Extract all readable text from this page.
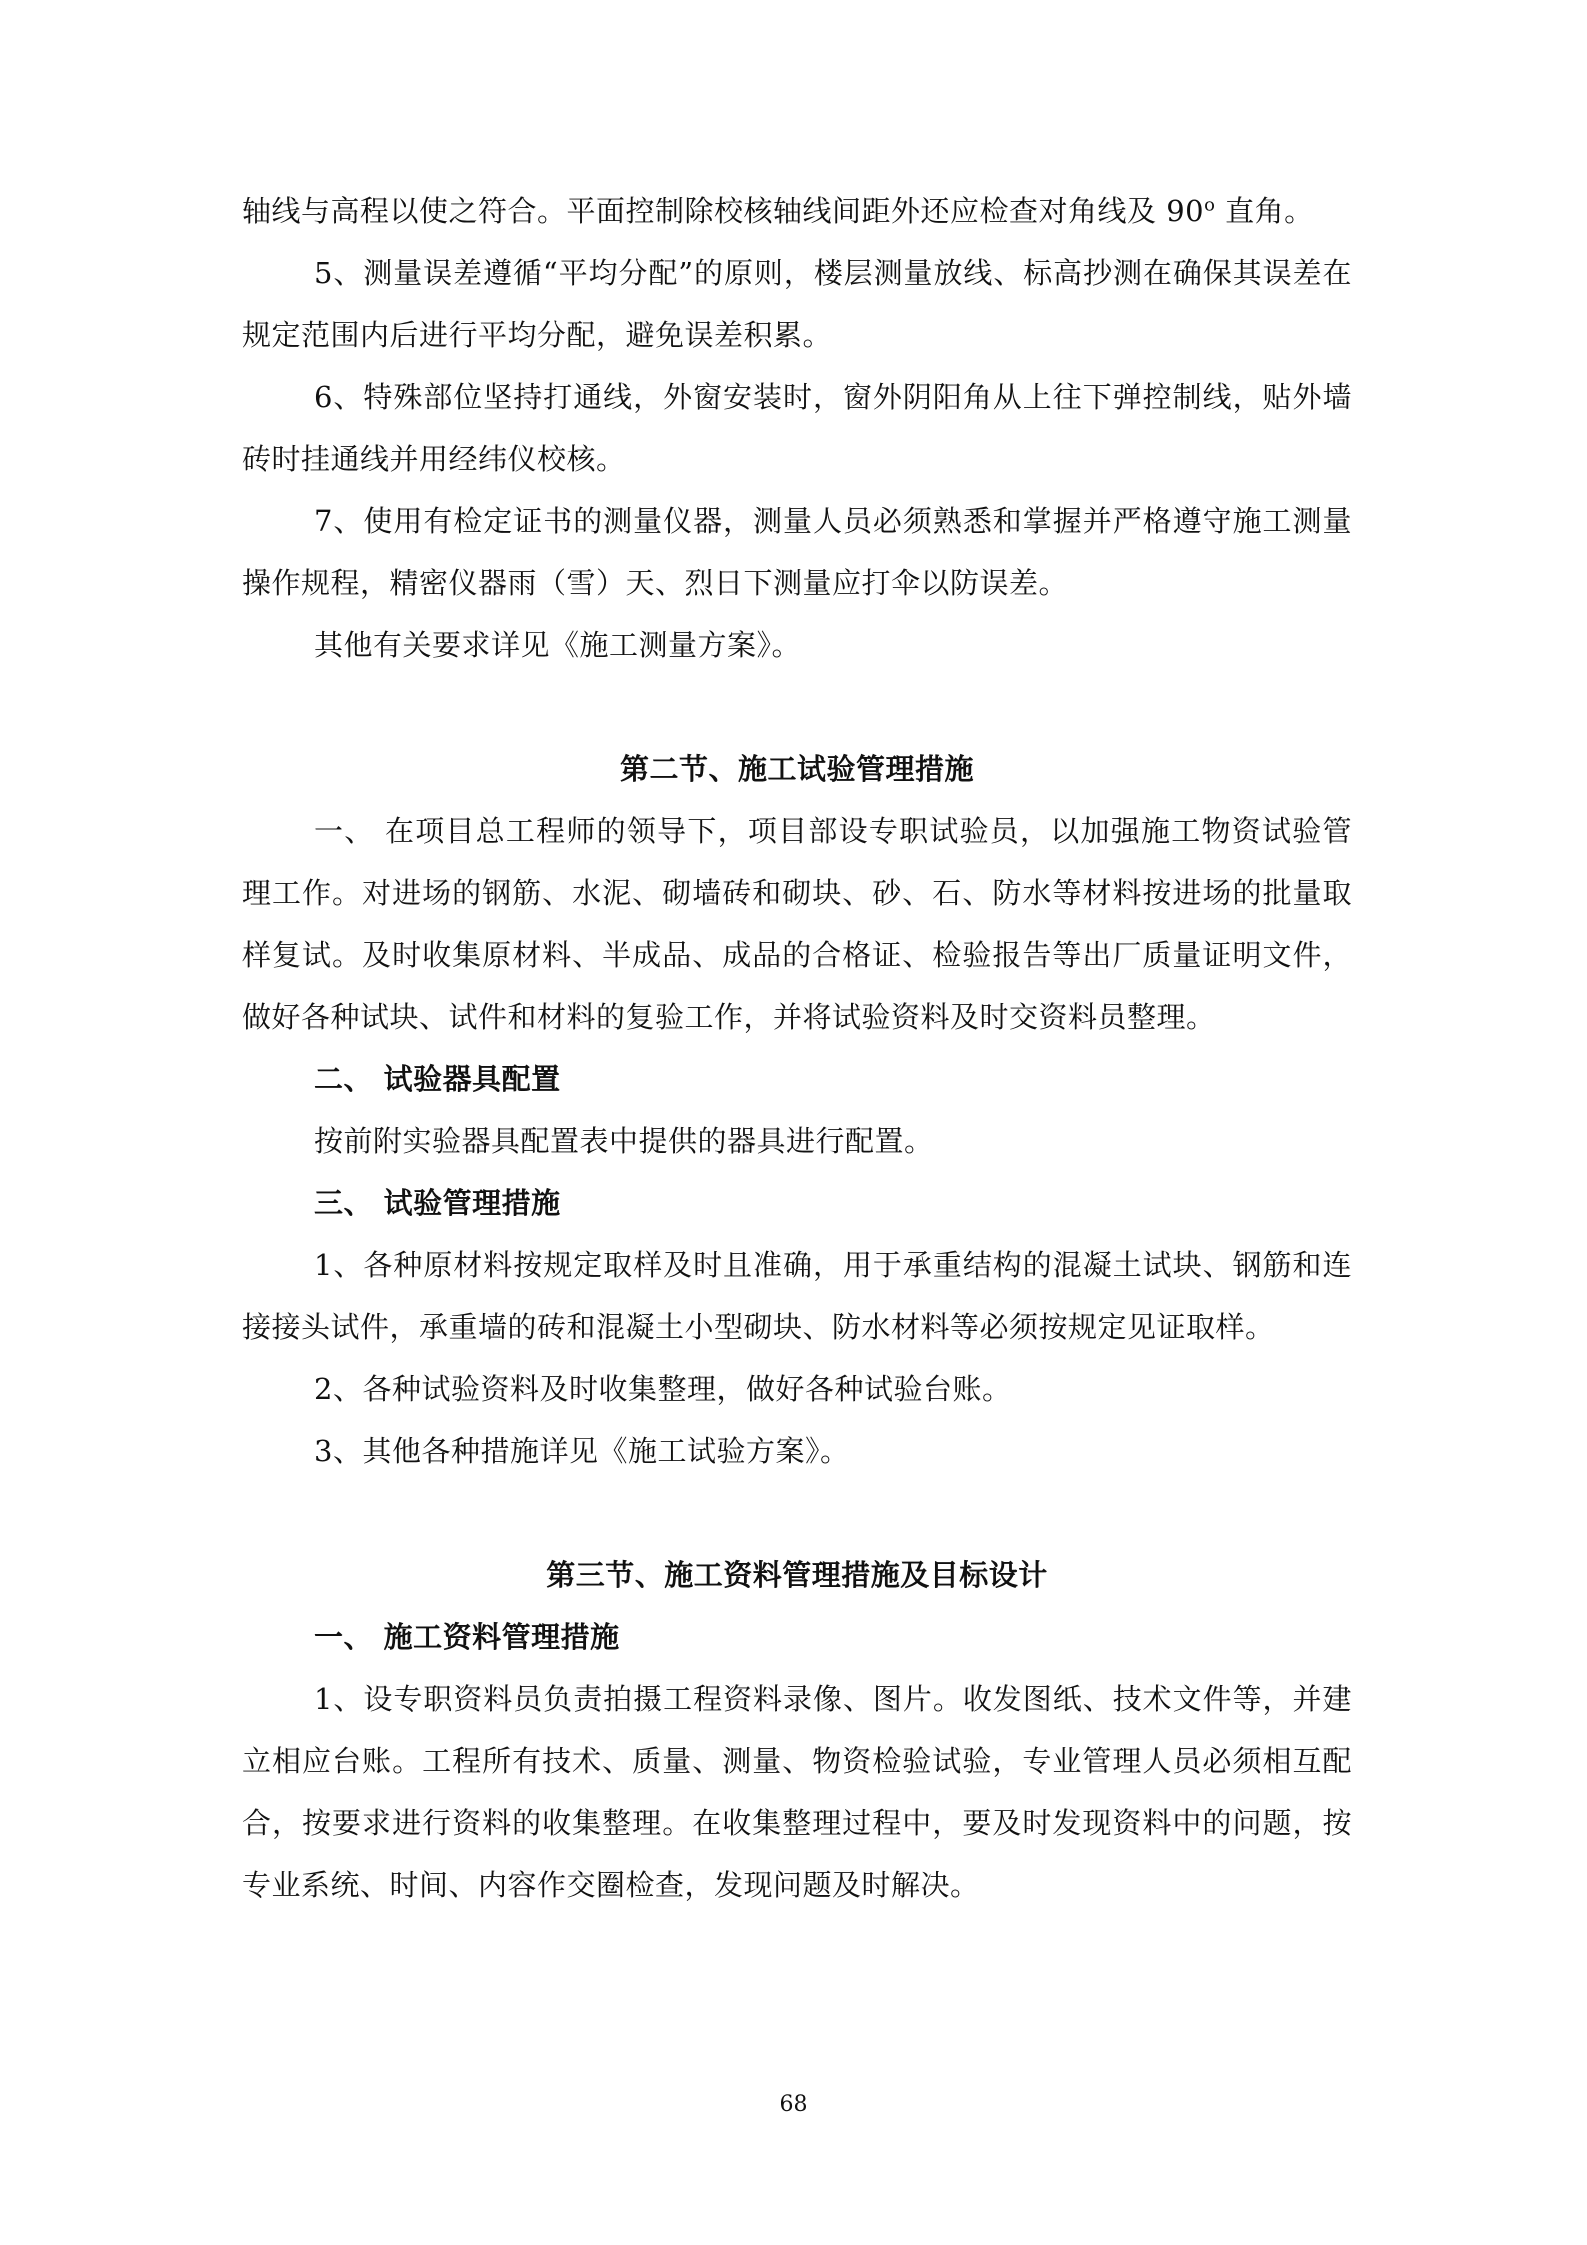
轴线与高程以使之符合。平面控制除校核轴线间距外还应检查对角线及 90$^o$ 直角。

5、测量误差遵循“平均分配”的原则，楼层测量放线、标高抄测在确保其误差在规定范围内后进行平均分配，避免误差积累。

6、特殊部位坚持打通线，外窗安装时，窗外阴阳角从上往下弹控制线，贴外墙砖时挂通线并用经纬仪校核。

7、使用有检定证书的测量仪器，测量人员必须熟悉和掌握并严格遵守施工测量操作规程，精密仪器雨（雪）天、烈日下测量应打伞以防误差。

其他有关要求详见《施工测量方案》。

第二节、施工试验管理措施

一、 在项目总工程师的领导下，项目部设专职试验员，以加强施工物资试验管理工作。对进场的钢筋、水泥、砌墙砖和砌块、砂、石、防水等材料按进场的批量取样复试。及时收集原材料、半成品、成品的合格证、检验报告等出厂质量证明文件，做好各种试块、试件和材料的复验工作，并将试验资料及时交资料员整理。

二、 试验器具配置

按前附实验器具配置表中提供的器具进行配置。

三、 试验管理措施

1、各种原材料按规定取样及时且准确，用于承重结构的混凝土试块、钢筋和连接接头试件，承重墙的砖和混凝土小型砌块、防水材料等必须按规定见证取样。

2、各种试验资料及时收集整理，做好各种试验台账。

3、其他各种措施详见《施工试验方案》。

第三节、施工资料管理措施及目标设计

一、 施工资料管理措施

1、设专职资料员负责拍摄工程资料录像、图片。收发图纸、技术文件等，并建立相应台账。工程所有技术、质量、测量、物资检验试验，专业管理人员必须相互配合，按要求进行资料的收集整理。在收集整理过程中，要及时发现资料中的问题，按专业系统、时间、内容作交圈检查，发现问题及时解决。

68
